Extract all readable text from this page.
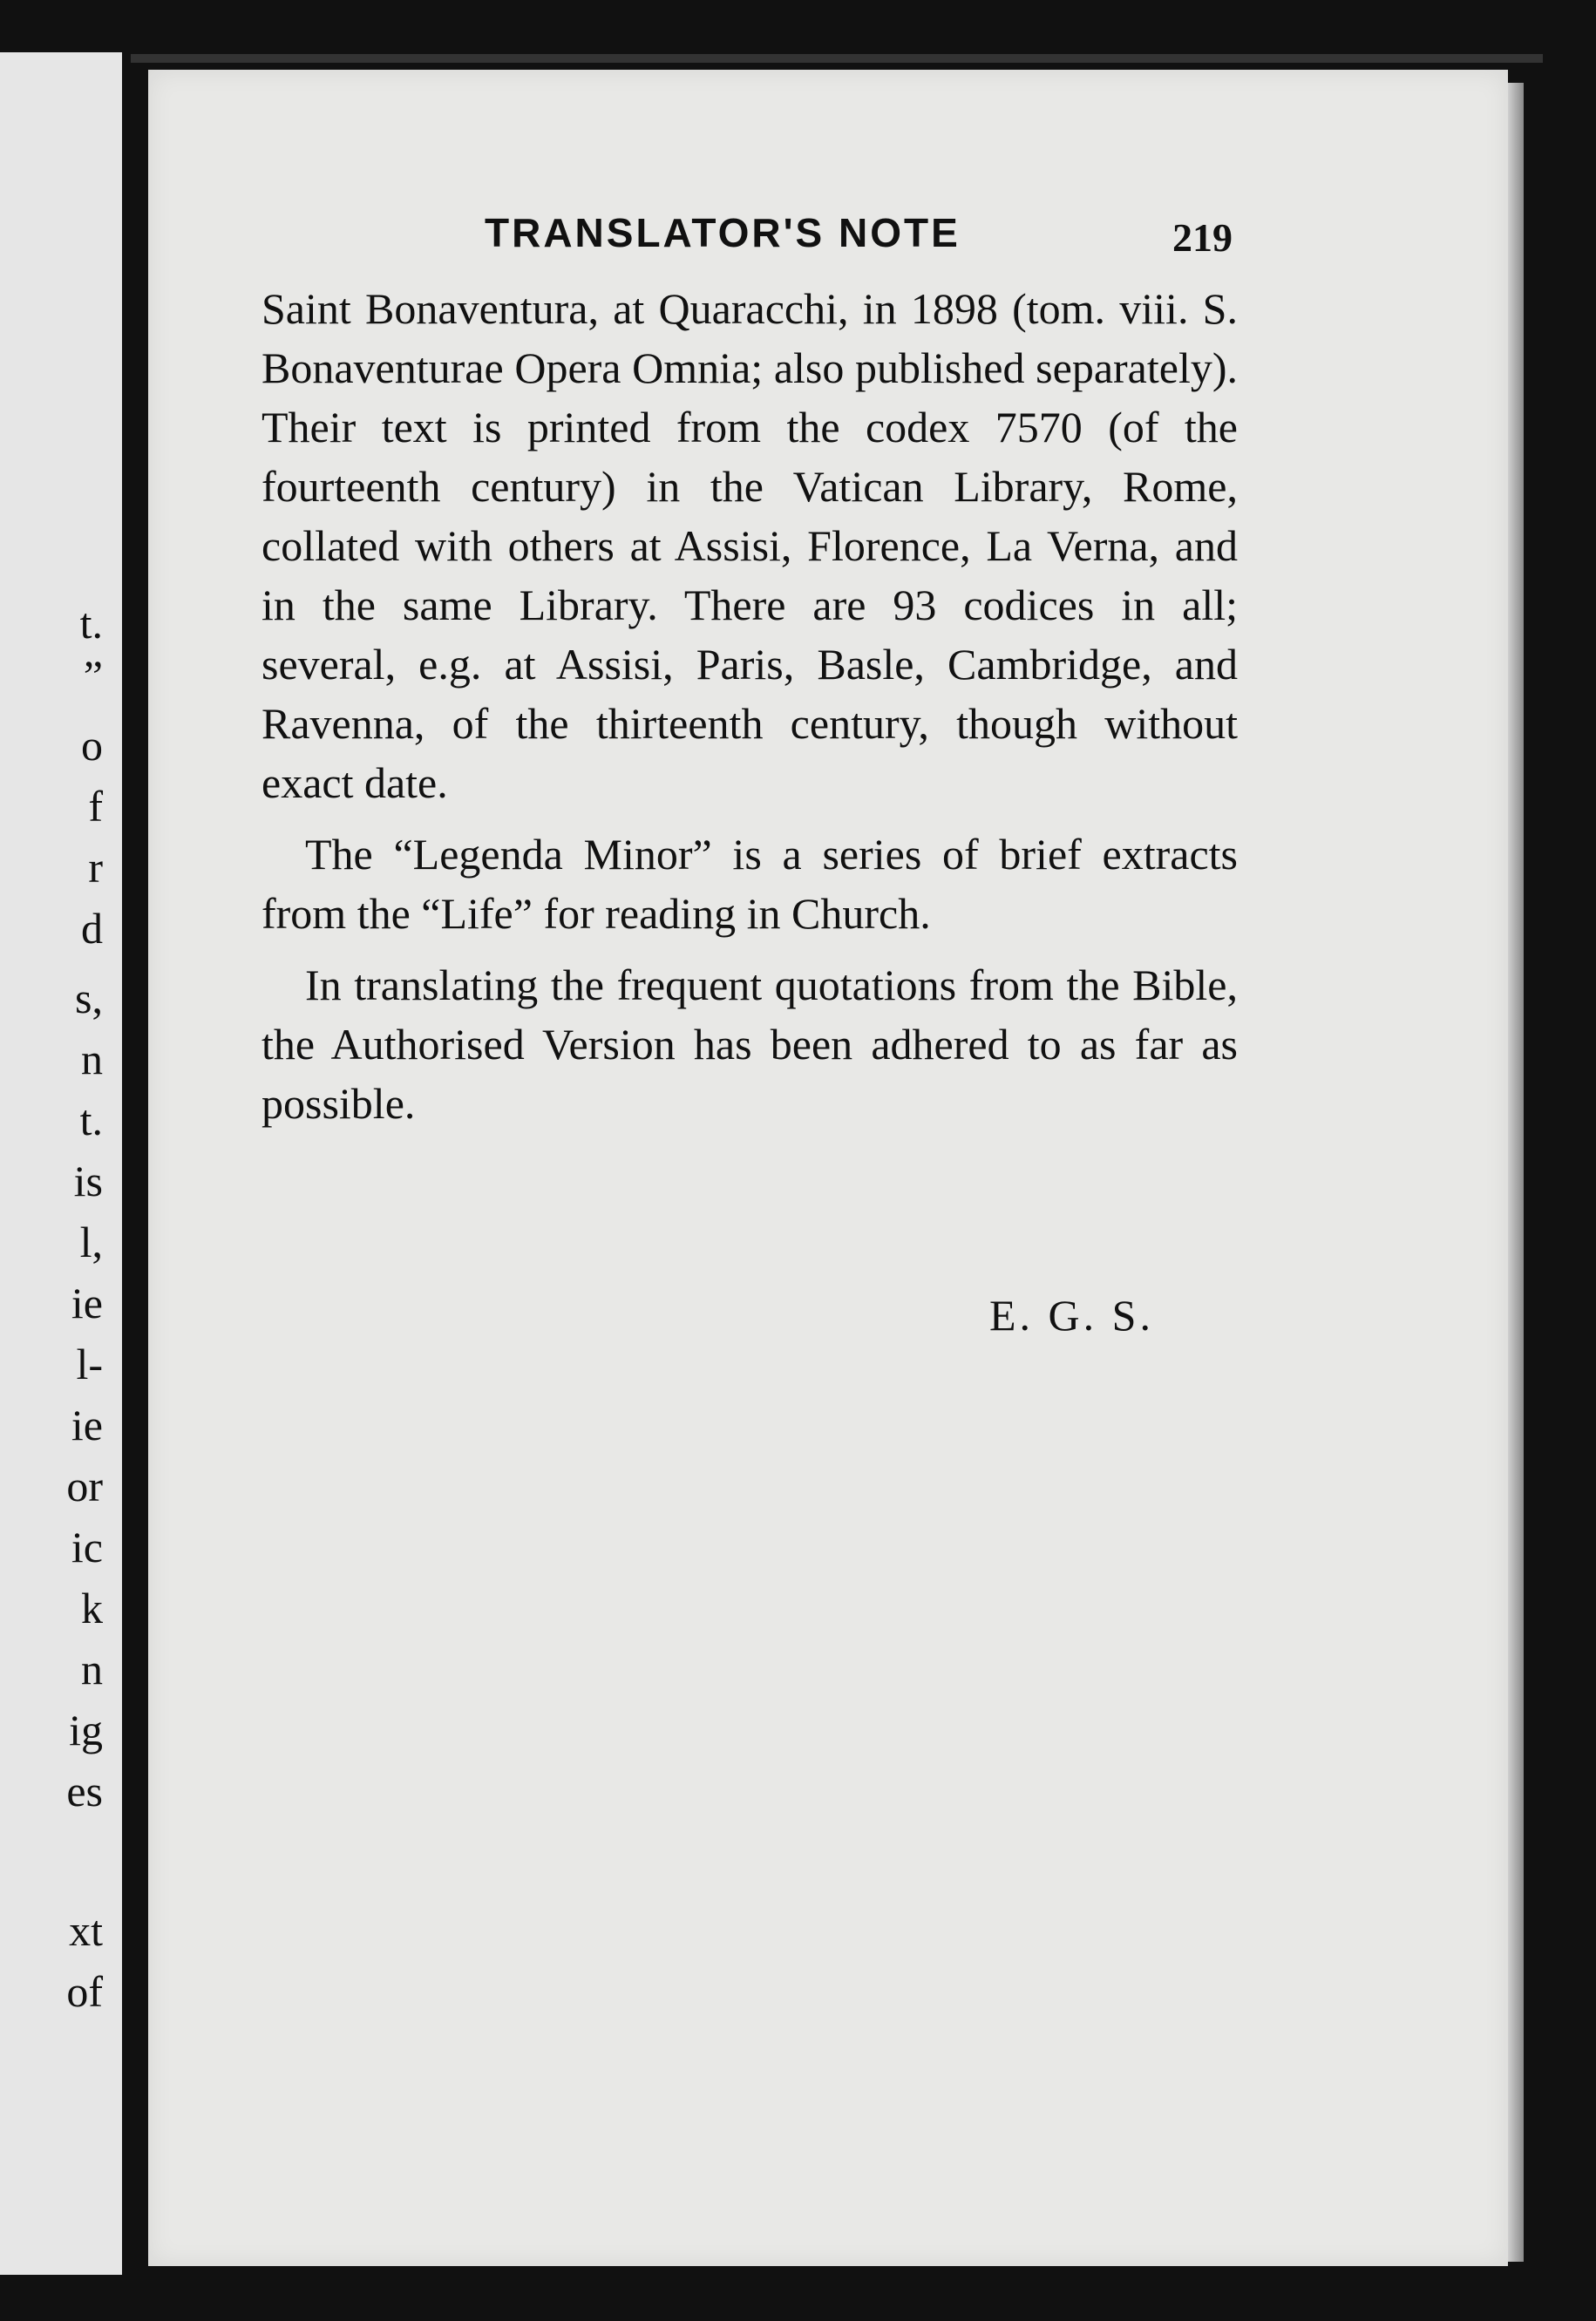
t.
”
o
f
r
d
s,
n
t.
is
l,
ie
l-
ie
or
ic
k
n
ig
es
xt
of
TRANSLATOR'S NOTE	219

Saint Bonaventura, at Quaracchi, in 1898 (tom. viii. S. Bonaventurae Opera Omnia; also published separately). Their text is printed from the codex 7570 (of the fourteenth century) in the Vatican Library, Rome, collated with others at Assisi, Florence, La Verna, and in the same Library. There are 93 codices in all; several, e.g. at Assisi, Paris, Basle, Cambridge, and Ravenna, of the thirteenth century, though without exact date.

The “Legenda Minor” is a series of brief extracts from the “Life” for reading in Church.

In translating the frequent quotations from the Bible, the Authorised Version has been adhered to as far as possible.

E. G. S.
